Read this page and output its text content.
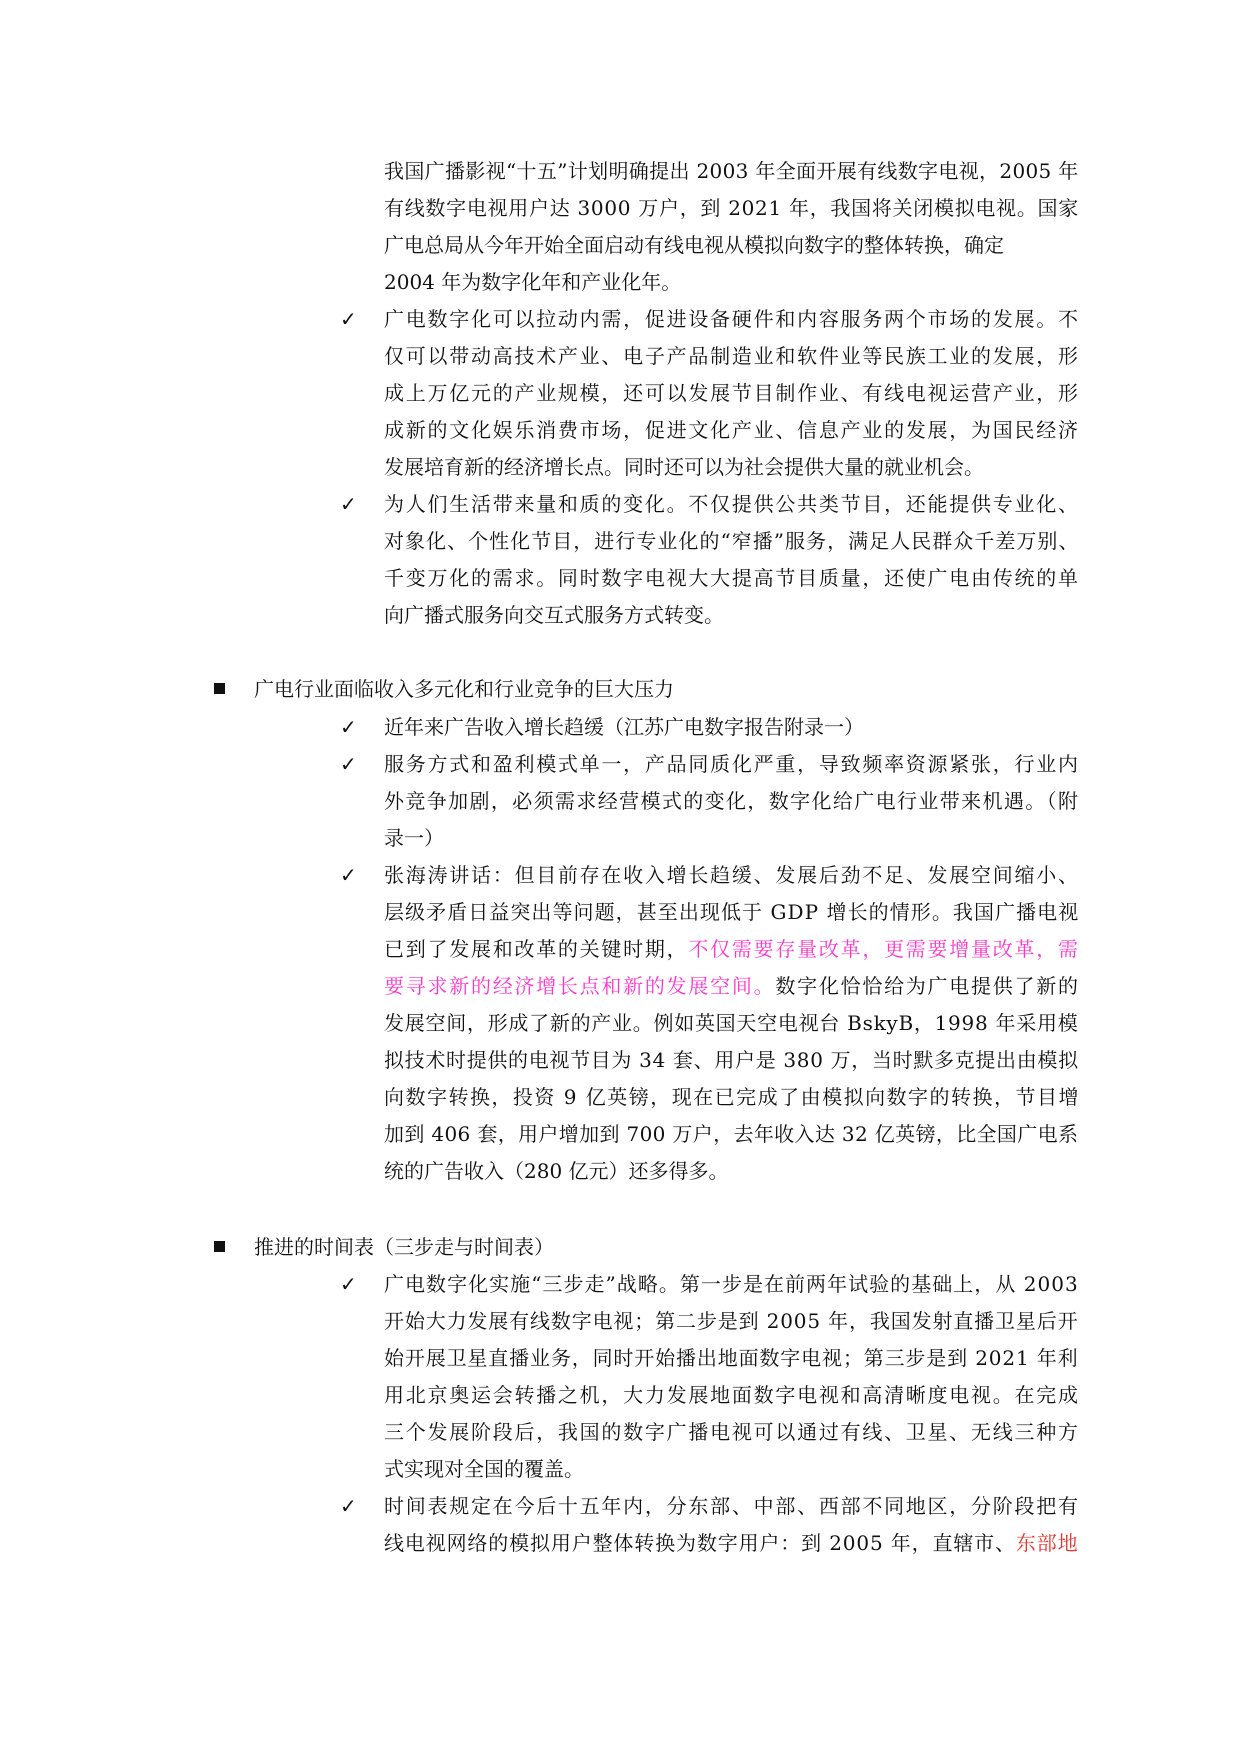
我国广播影视“十五”计划明确提出 2003 年全面开展有线数字电视，2005 年
有线数字电视用户达 3000 万户，到 2021 年，我国将关闭模拟电视。国家
广电总局从今年开始全面启动有线电视从模拟向数字的整体转换，确定
2004 年为数字化年和产业化年。
✓ 广电数字化可以拉动内需，促进设备硬件和内容服务两个市场的发展。不
仅可以带动高技术产业、电子产品制造业和软件业等民族工业的发展，形
成上万亿元的产业规模，还可以发展节目制作业、有线电视运营产业，形
成新的文化娱乐消费市场，促进文化产业、信息产业的发展，为国民经济
发展培育新的经济增长点。同时还可以为社会提供大量的就业机会。
✓ 为人们生活带来量和质的变化。不仅提供公共类节目，还能提供专业化、
对象化、个性化节目，进行专业化的“窄播”服务，满足人民群众千差万别、
千变万化的需求。同时数字电视大大提高节目质量，还使广电由传统的单
向广播式服务向交互式服务方式转变。
广电行业面临收入多元化和行业竞争的巨大压力
✓ 近年来广告收入增长趋缓（江苏广电数字报告附录一）
✓ 服务方式和盈利模式单一，产品同质化严重，导致频率资源紧张，行业内
外竞争加剧，必须需求经营模式的变化，数字化给广电行业带来机遇。（附
录一）
✓ 张海涛讲话：但目前存在收入增长趋缓、发展后劲不足、发展空间缩小、
层级矛盾日益突出等问题，甚至出现低于 GDP 增长的情形。我国广播电视
已到了发展和改革的关键时期，不仅需要存量改革，更需要增量改革，需
要寻求新的经济增长点和新的发展空间。数字化恰恰给为广电提供了新的
发展空间，形成了新的产业。例如英国天空电视台 BskyB，1998 年采用模
拟技术时提供的电视节目为 34 套、用户是 380 万，当时默多克提出由模拟
向数字转换，投资 9 亿英镑，现在已完成了由模拟向数字的转换，节目增
加到 406 套，用户增加到 700 万户，去年收入达 32 亿英镑，比全国广电系
统的广告收入（280 亿元）还多得多。
推进的时间表（三步走与时间表）
✓ 广电数字化实施“三步走”战略。第一步是在前两年试验的基础上，从 2003
开始大力发展有线数字电视；第二步是到 2005 年，我国发射直播卫星后开
始开展卫星直播业务，同时开始播出地面数字电视；第三步是到 2021 年利
用北京奥运会转播之机，大力发展地面数字电视和高清晰度电视。在完成
三个发展阶段后，我国的数字广播电视可以通过有线、卫星、无线三种方
式实现对全国的覆盖。
✓ 时间表规定在今后十五年内，分东部、中部、西部不同地区，分阶段把有
线电视网络的模拟用户整体转换为数字用户：到 2005 年，直辖市、东部地
